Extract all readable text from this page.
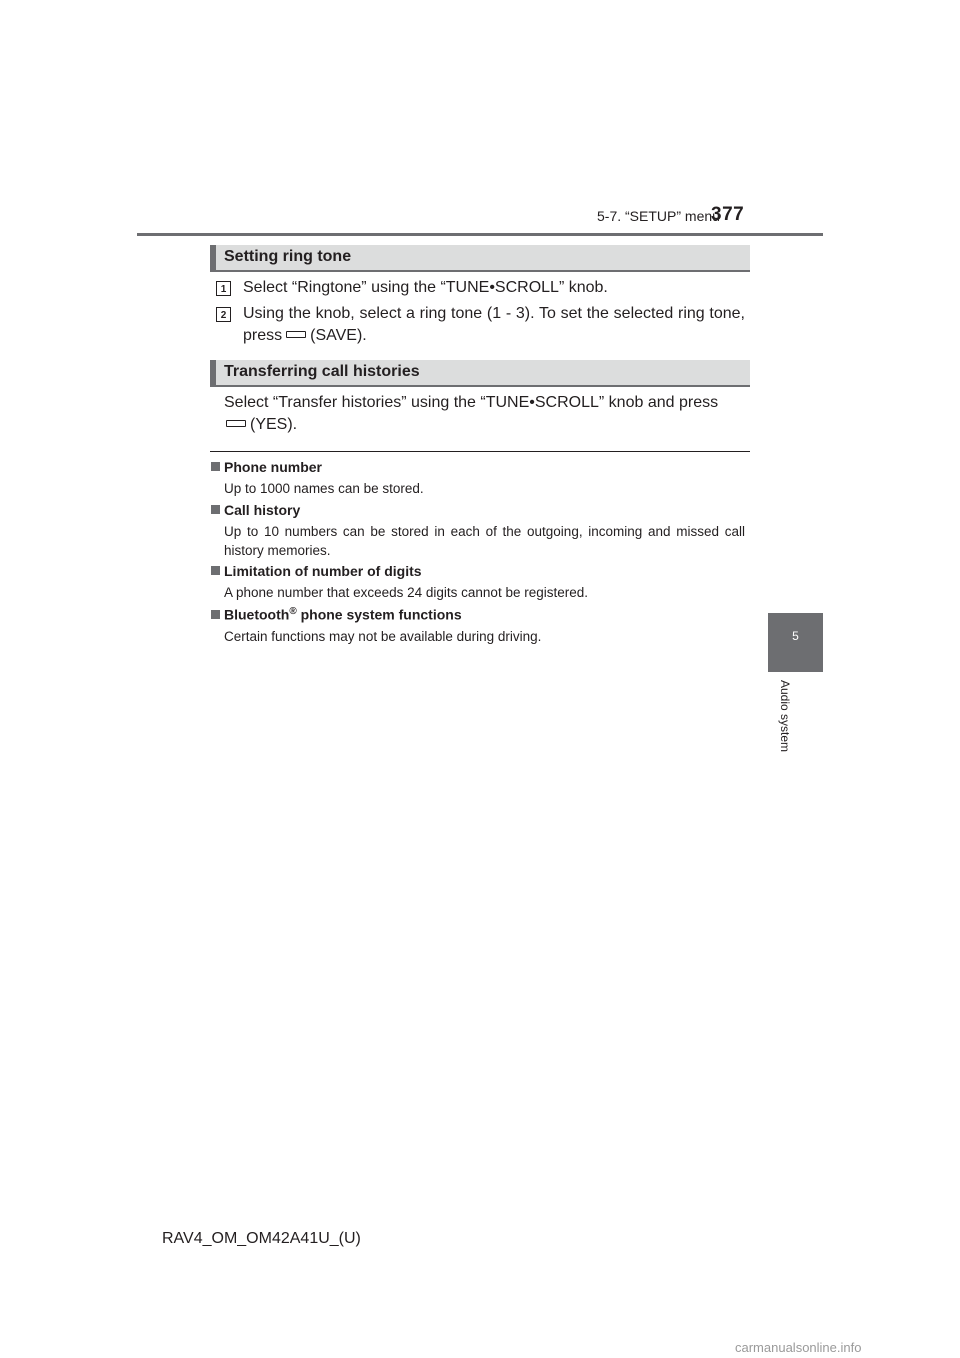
5-7. “SETUP” menu
377
Setting ring tone
1 Select “Ringtone” using the “TUNE•SCROLL” knob.
2 Using the knob, select a ring tone (1 - 3). To set the selected ring tone, press (SAVE).
Transferring call histories
Select “Transfer histories” using the “TUNE•SCROLL” knob and press
(YES).
Phone number
Up to 1000 names can be stored.
Call history
Up to 10 numbers can be stored in each of the outgoing, incoming and missed call history memories.
Limitation of number of digits
A phone number that exceeds 24 digits cannot be registered.
Bluetooth® phone system functions
Certain functions may not be available during driving.	5
Audio system
RAV4_OM_OM42A41U_(U)
carmanualsonline.info
